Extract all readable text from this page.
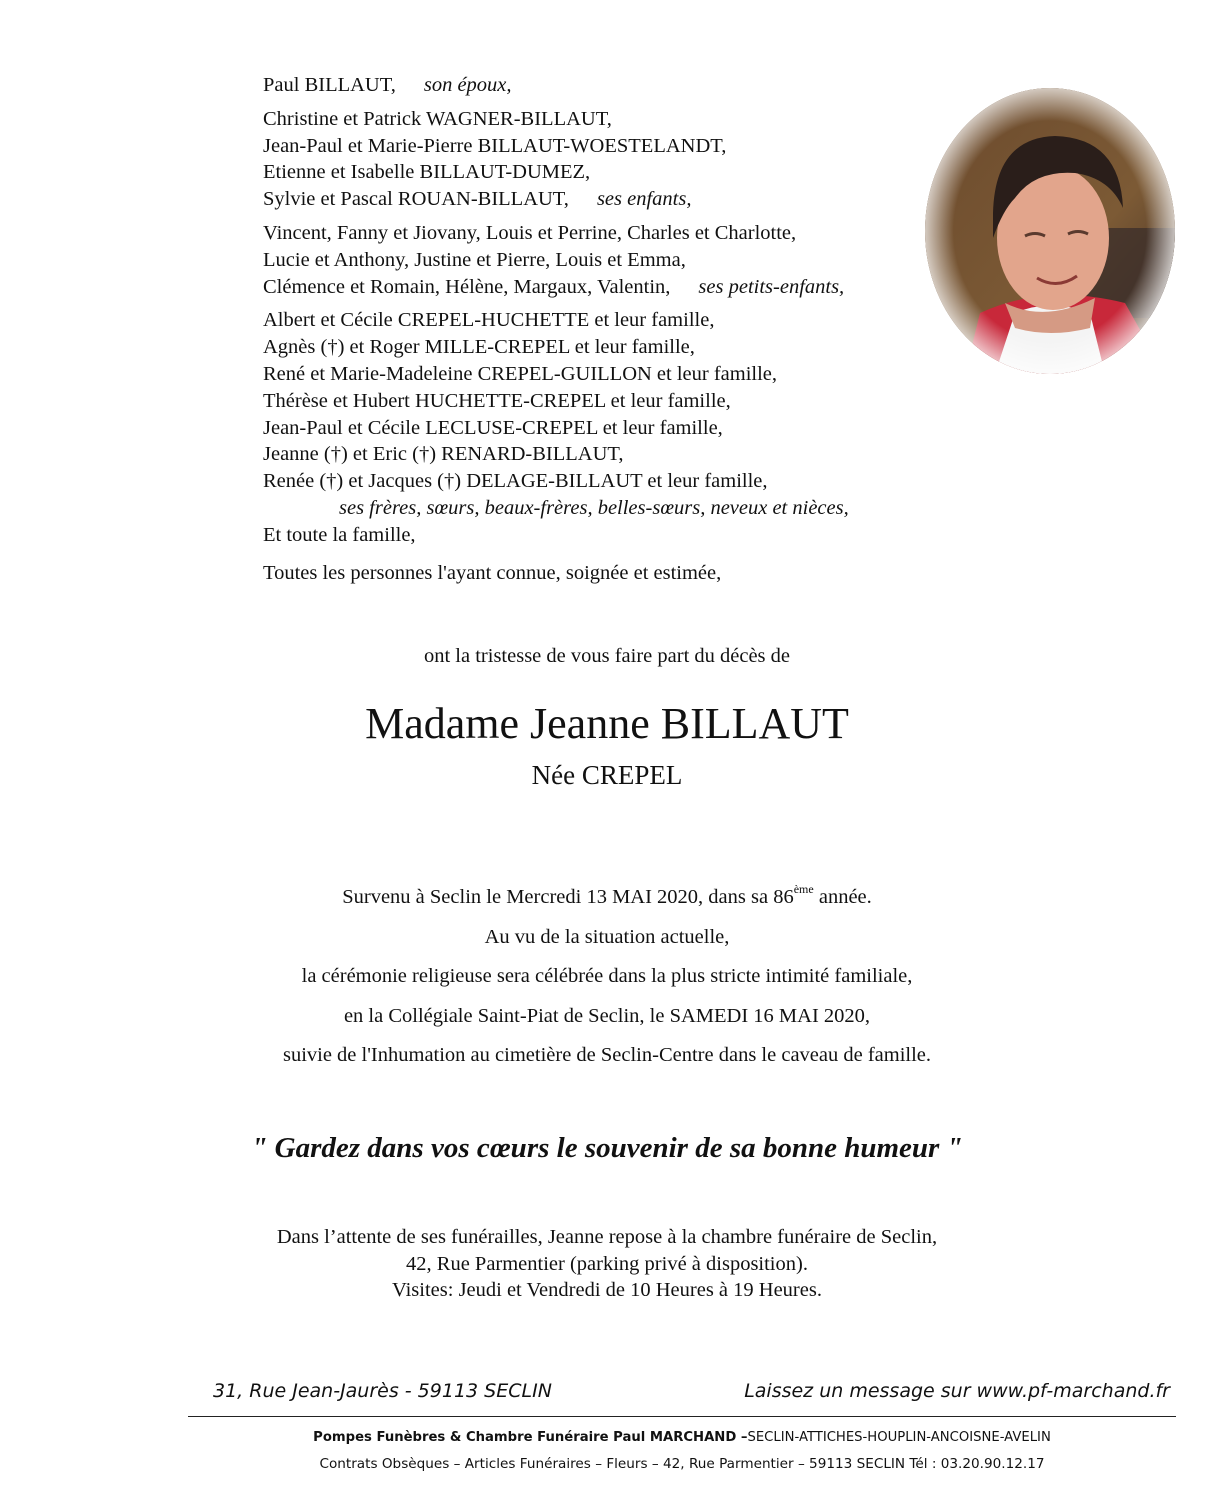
Paul BILLAUT, son époux,
Christine et Patrick WAGNER-BILLAUT,
Jean-Paul et Marie-Pierre BILLAUT-WOESTELANDT,
Etienne et Isabelle BILLAUT-DUMEZ,
Sylvie et Pascal ROUAN-BILLAUT, ses enfants,
Vincent, Fanny et Jiovany, Louis et Perrine, Charles et Charlotte,
Lucie et Anthony, Justine et Pierre, Louis et Emma,
Clémence et Romain, Hélène, Margaux, Valentin, ses petits-enfants,
Albert et Cécile CREPEL-HUCHETTE et leur famille,
Agnès (†) et Roger MILLE-CREPEL et leur famille,
René et Marie-Madeleine CREPEL-GUILLON et leur famille,
Thérèse et Hubert HUCHETTE-CREPEL et leur famille,
Jean-Paul et Cécile LECLUSE-CREPEL et leur famille,
Jeanne (†) et Eric (†) RENARD-BILLAUT,
Renée (†) et Jacques (†) DELAGE-BILLAUT et leur famille,
ses frères, sœurs, beaux-frères, belles-sœurs, neveux et nièces,
Et toute la famille,
Toutes les personnes l'ayant connue, soignée et estimée,
ont la tristesse de vous faire part du décès de
Madame Jeanne BILLAUT
Née CREPEL
Survenu à Seclin le Mercredi 13 MAI 2020, dans sa 86ème année.
Au vu de la situation actuelle,
la cérémonie religieuse sera célébrée dans la plus stricte intimité familiale,
en la Collégiale Saint-Piat de Seclin, le SAMEDI 16 MAI 2020,
suivie de l'Inhumation au cimetière de Seclin-Centre dans le caveau de famille.
" Gardez dans vos cœurs le souvenir de sa bonne humeur "
Dans l’attente de ses funérailles, Jeanne repose à la chambre funéraire de Seclin,
42, Rue Parmentier (parking privé à disposition).
Visites: Jeudi et Vendredi de 10 Heures à 19 Heures.
31, Rue Jean-Jaurès - 59113 SECLIN	Laissez un message sur www.pf-marchand.fr
Pompes Funèbres & Chambre Funéraire Paul MARCHAND –SECLIN-ATTICHES-HOUPLIN-ANCOISNE-AVELIN
Contrats Obsèques – Articles Funéraires – Fleurs – 42, Rue Parmentier – 59113 SECLIN Tél : 03.20.90.12.17
